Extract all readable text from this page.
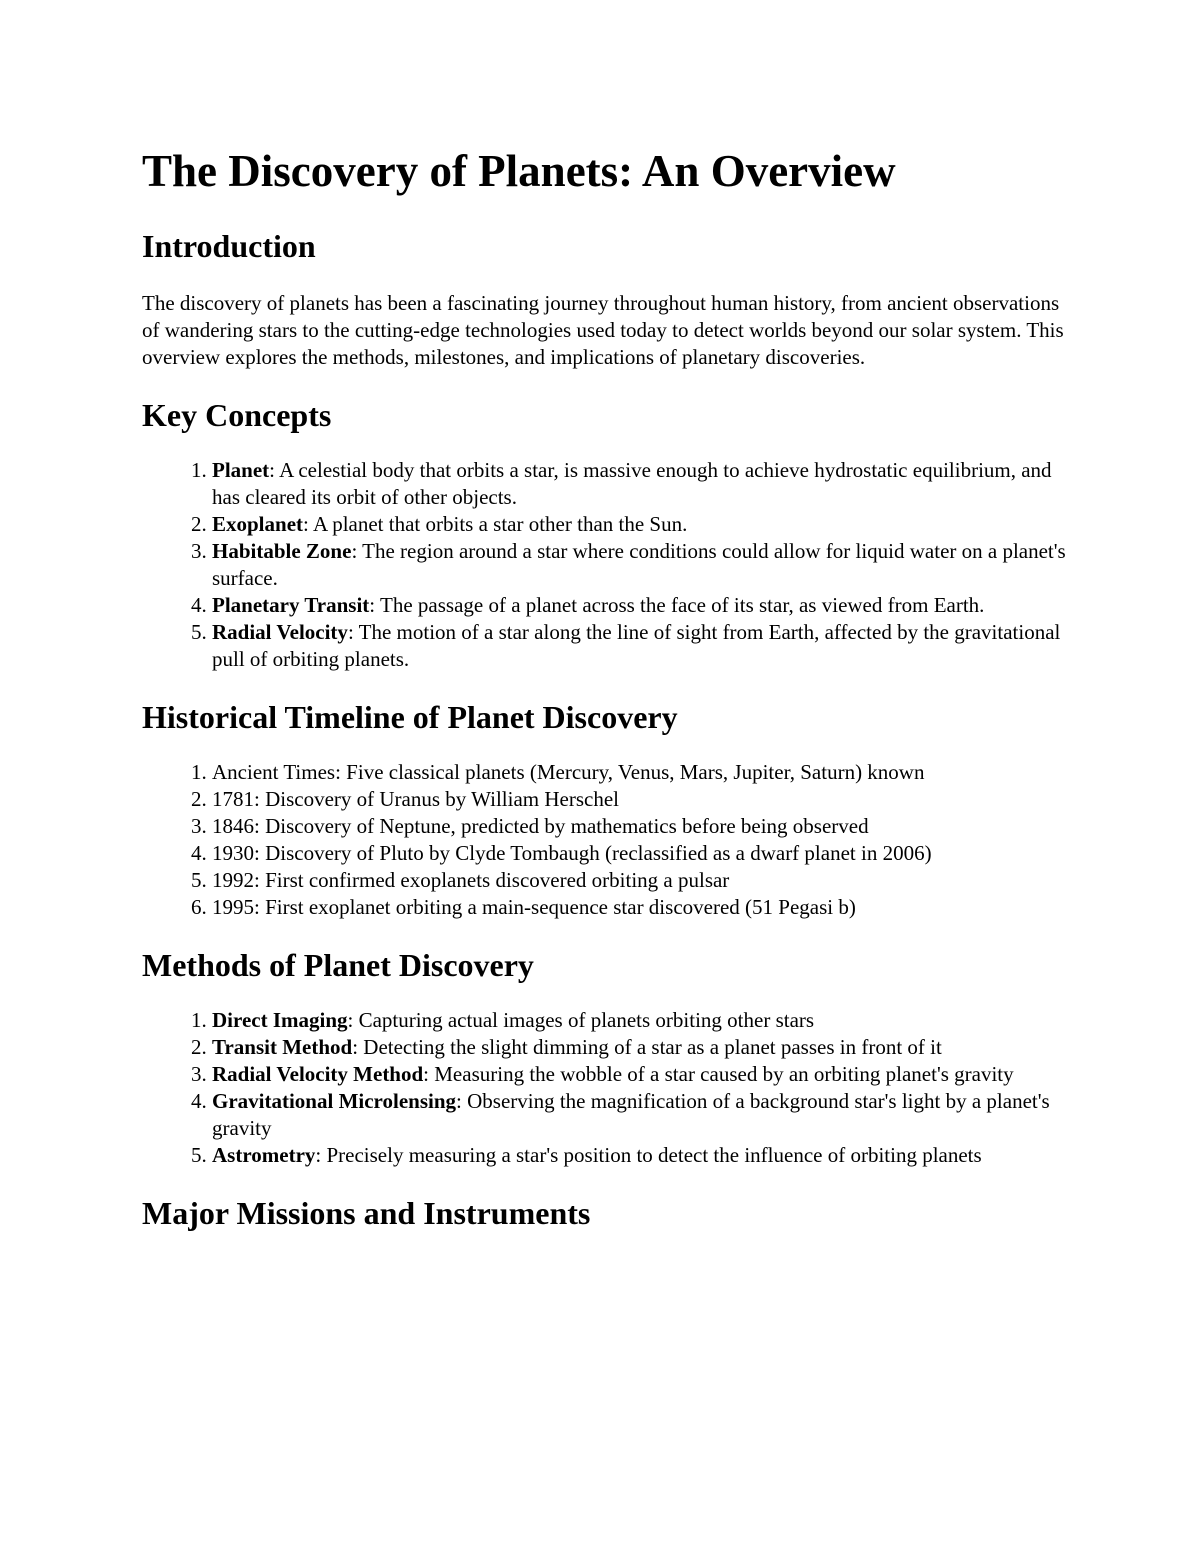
The Discovery of Planets: An Overview
Introduction

The discovery of planets has been a fascinating journey throughout human history, from ancient observations of wandering stars to the cutting-edge technologies used today to detect worlds beyond our solar system. This overview explores the methods, milestones, and implications of planetary discoveries.

Key Concepts
1. Planet: A celestial body that orbits a star, is massive enough to achieve hydrostatic equilibrium, and has cleared its orbit of other objects.
2. Exoplanet: A planet that orbits a star other than the Sun.
3. Habitable Zone: The region around a star where conditions could allow for liquid water on a planet's surface.
4. Planetary Transit: The passage of a planet across the face of its star, as viewed from Earth.
5. Radial Velocity: The motion of a star along the line of sight from Earth, affected by the gravitational pull of orbiting planets.
Historical Timeline of Planet Discovery
1. Ancient Times: Five classical planets (Mercury, Venus, Mars, Jupiter, Saturn) known
2. 1781: Discovery of Uranus by William Herschel
3. 1846: Discovery of Neptune, predicted by mathematics before being observed
4. 1930: Discovery of Pluto by Clyde Tombaugh (reclassified as a dwarf planet in 2006)
5. 1992: First confirmed exoplanets discovered orbiting a pulsar
6. 1995: First exoplanet orbiting a main-sequence star discovered (51 Pegasi b)
Methods of Planet Discovery
1. Direct Imaging: Capturing actual images of planets orbiting other stars
2. Transit Method: Detecting the slight dimming of a star as a planet passes in front of it
3. Radial Velocity Method: Measuring the wobble of a star caused by an orbiting planet's gravity
4. Gravitational Microlensing: Observing the magnification of a background star's light by a planet's gravity
5. Astrometry: Precisely measuring a star's position to detect the influence of orbiting planets
Major Missions and Instruments
